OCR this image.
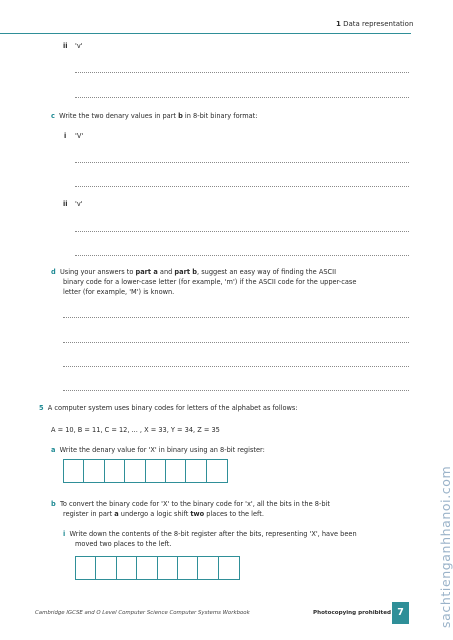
1 Data representation
ii 'v'
c Write the two denary values in part b in 8-bit binary format:
i 'V'
ii 'v'
d Using your answers to part a and part b, suggest an easy way of finding the ASCII
binary code for a lower-case letter (for example, 'm') if the ASCII code for the upper-case
letter (for example, 'M') is known.
5 A computer system uses binary codes for letters of the alphabet as follows:
A = 10, B = 11, C = 12, ... , X = 33, Y = 34, Z = 35
a Write the denary value for 'X' in binary using an 8-bit register:
b To convert the binary code for 'X' to the binary code for 'x', all the bits in the 8-bit
register in part a undergo a logic shift two places to the left.
i Write down the contents of the 8-bit register after the bits, representing 'X', have been
moved two places to the left.
Cambridge IGCSE and O Level Computer Science Computer Systems Workbook	Photocopying prohibited 7	sachtienganhhanoi.com
